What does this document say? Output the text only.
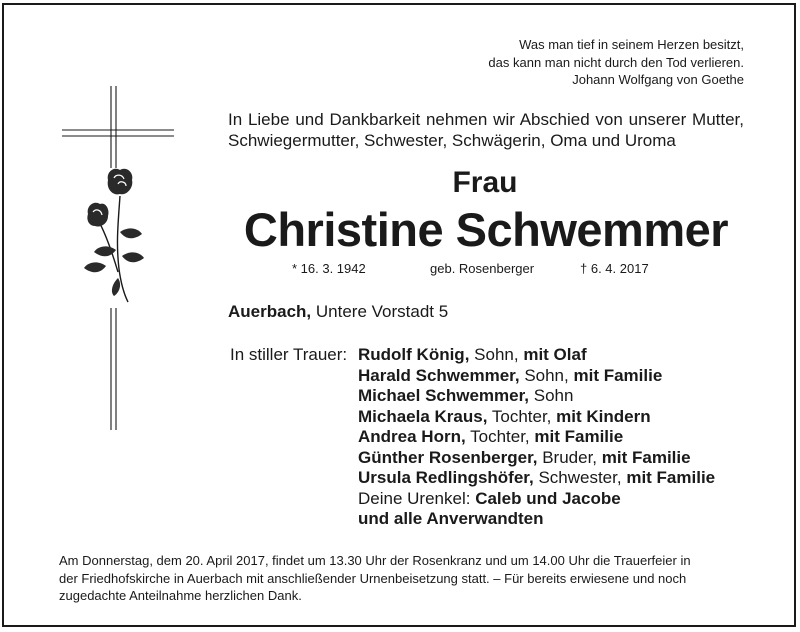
Was man tief in seinem Herzen besitzt,
das kann man nicht durch den Tod verlieren.
Johann Wolfgang von Goethe
In Liebe und Dankbarkeit nehmen wir Abschied von unserer Mutter, Schwiegermutter, Schwester, Schwägerin, Oma und Uroma
Frau
Christine Schwemmer
* 16. 3. 1942	geb. Rosenberger	† 6. 4. 2017
Auerbach, Untere Vorstadt 5
In stiller Trauer: Rudolf König, Sohn, mit Olaf
Harald Schwemmer, Sohn, mit Familie
Michael Schwemmer, Sohn
Michaela Kraus, Tochter, mit Kindern
Andrea Horn, Tochter, mit Familie
Günther Rosenberger, Bruder, mit Familie
Ursula Redlingshöfer, Schwester, mit Familie
Deine Urenkel: Caleb und Jacobe
und alle Anverwandten
Am Donnerstag, dem 20. April 2017, findet um 13.30 Uhr der Rosenkranz und um 14.00 Uhr die Trauerfeier in
der Friedhofskirche in Auerbach mit anschließender Urnenbeisetzung statt. – Für bereits erwiesene und noch
zugedachte Anteilnahme herzlichen Dank.
